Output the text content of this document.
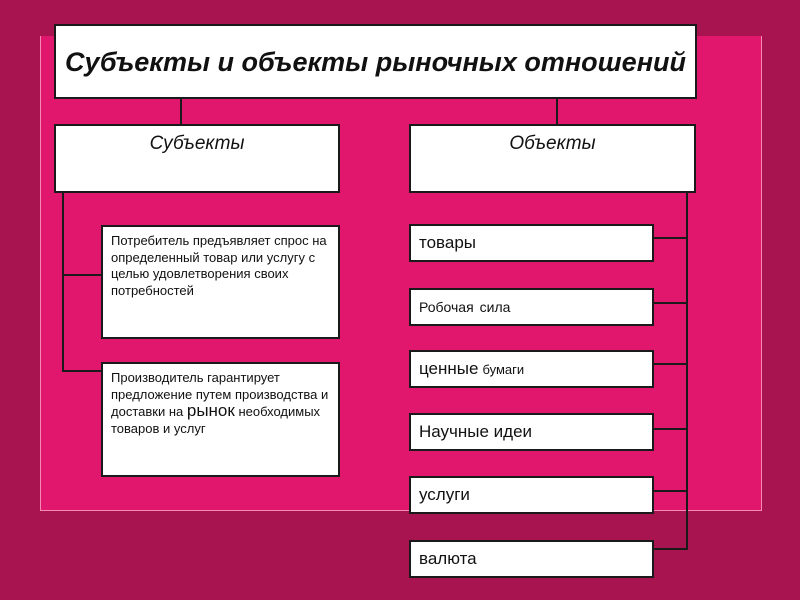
Субъекты и объекты рыночных отношений
Субъекты	Объекты
Потребитель предъявляет спрос на определенный товар или услугу с целью удовлетворения своих потребностей
Производитель гарантирует предложение путем производства и доставки на рынок необходимых товаров и услуг
товары
Робочая сила
ценные бумаги
Научные идеи
услуги
валюта
